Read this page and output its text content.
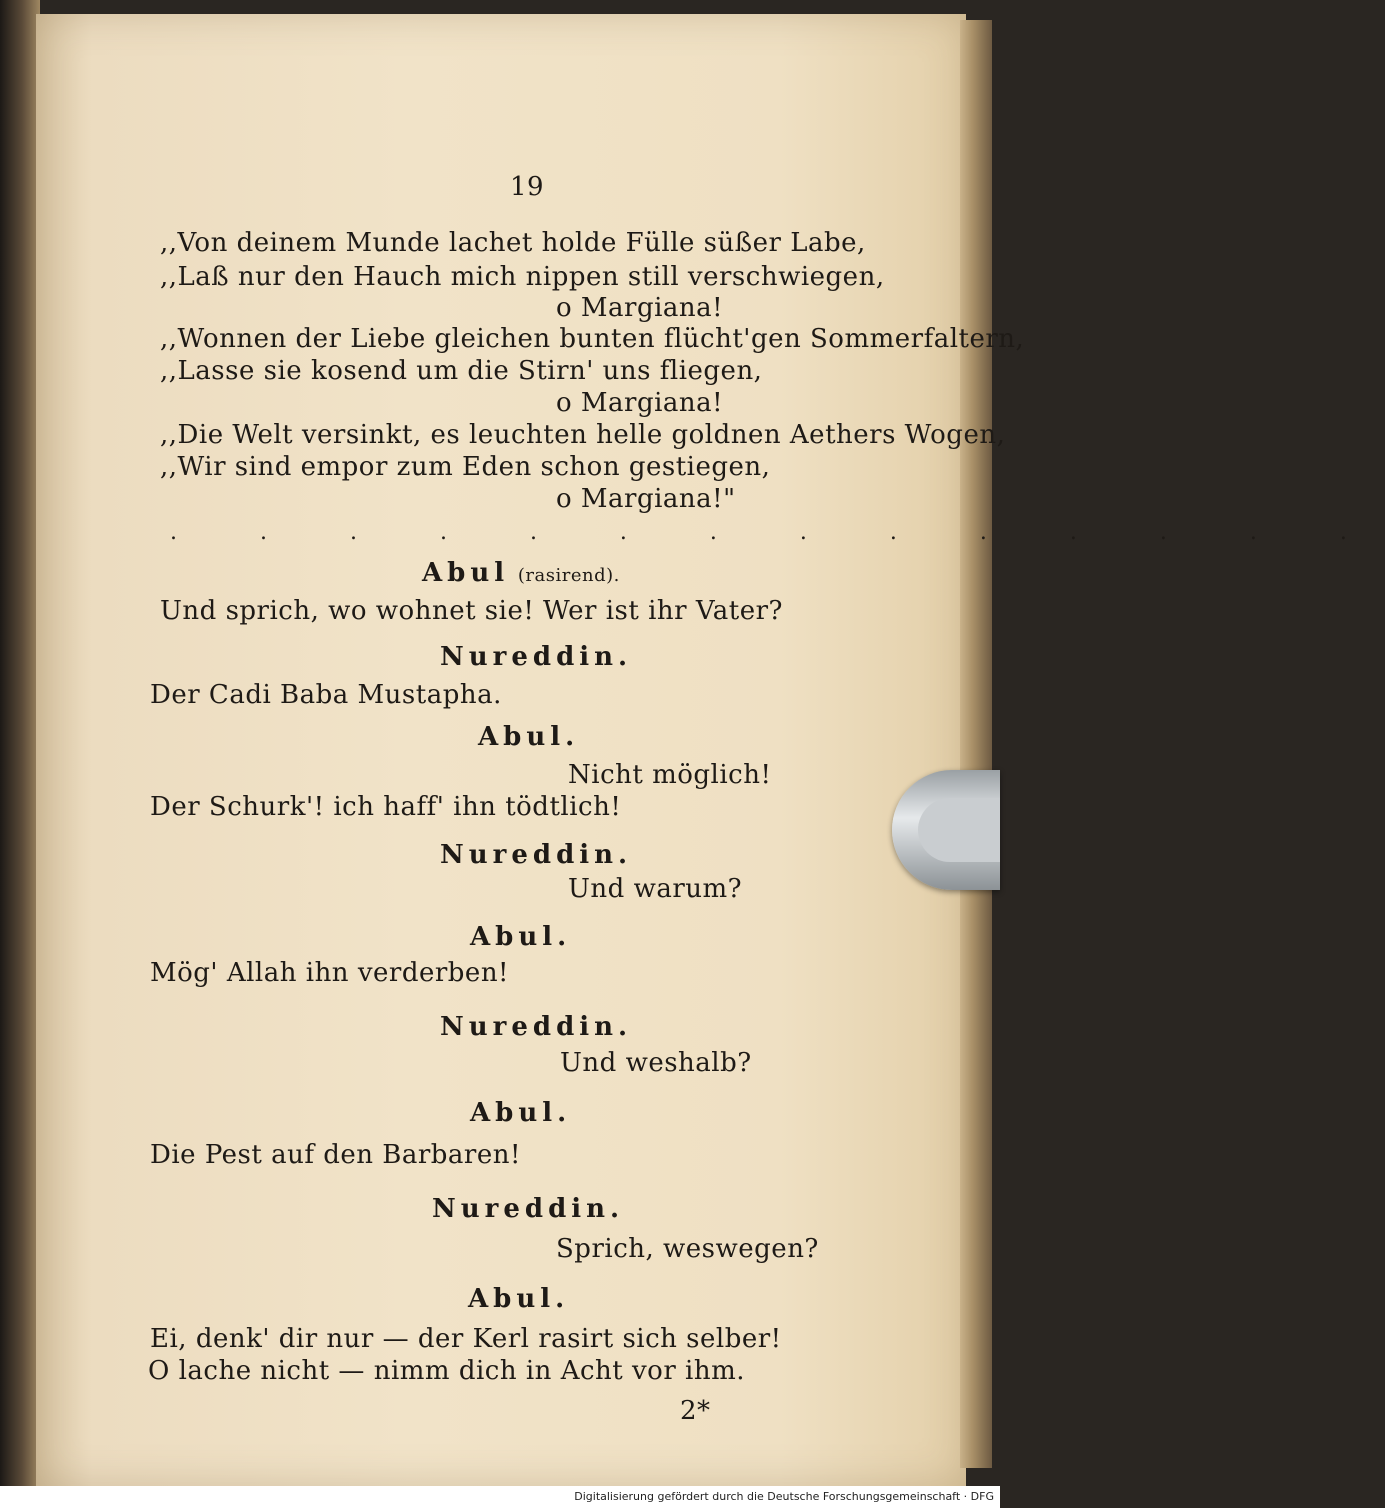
19
,,Von deinem Munde lachet holde Fülle süßer Labe,
,,Laß nur den Hauch mich nippen still verschwiegen,
o Margiana!
,,Wonnen der Liebe gleichen bunten flücht'gen Sommerfaltern,
,,Lasse sie kosend um die Stirn' uns fliegen,
o Margiana!
,,Die Welt versinkt, es leuchten helle goldnen Aethers Wogen,
,,Wir sind empor zum Eden schon gestiegen,
o Margiana!"
. . . . . . . . . . . . . .
Abul (rasirend).
Und sprich, wo wohnet sie! Wer ist ihr Vater?
Nureddin.
Der Cadi Baba Mustapha.
Abul.
Nicht möglich!
Der Schurk'! ich haff' ihn tödtlich!
Nureddin.
Und warum?
Abul.
Mög' Allah ihn verderben!
Nureddin.
Und weshalb?
Abul.
Die Pest auf den Barbaren!
Nureddin.
Sprich, weswegen?
Abul.
Ei, denk' dir nur — der Kerl rasirt sich selber!
O lache nicht — nimm dich in Acht vor ihm.
2*
Digitalisierung gefördert durch die Deutsche Forschungsgemeinschaft · DFG
